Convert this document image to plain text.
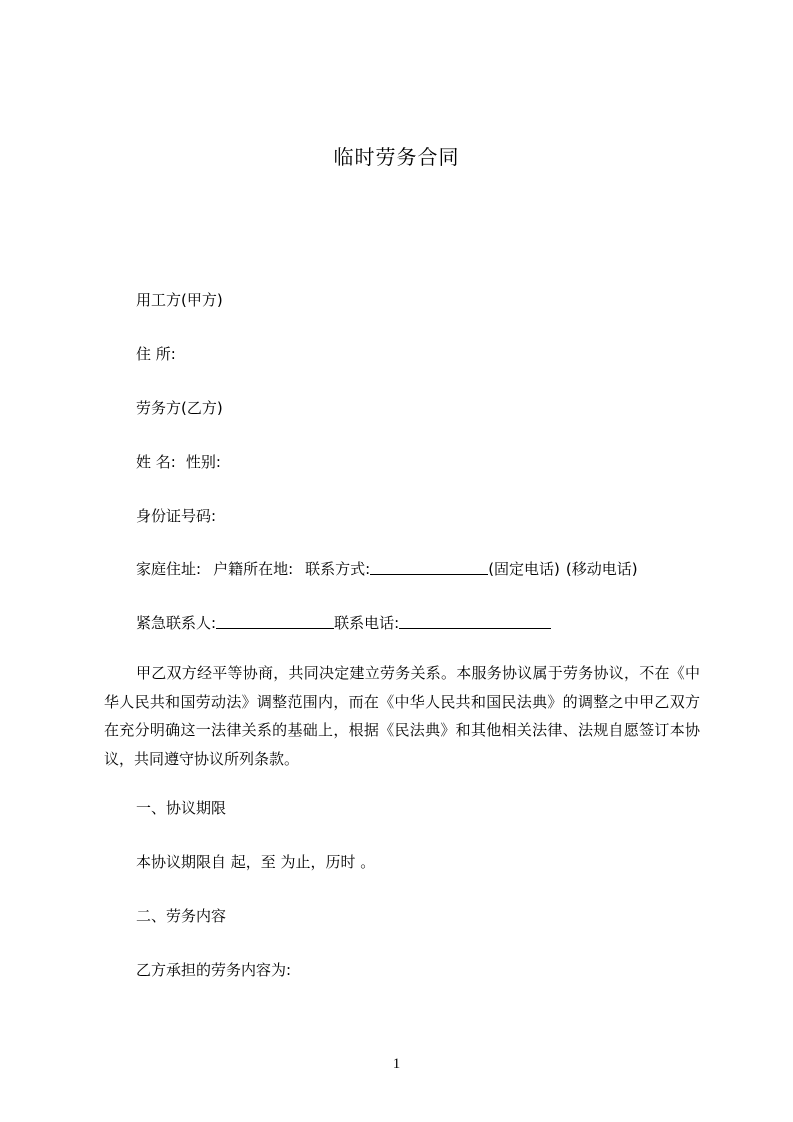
临时劳务合同
用工方(甲方)
住 所:
劳务方(乙方)
姓 名: 性别:
身份证号码:
家庭住址: 户籍所在地: 联系方式:	(固定电话) (移动电话)
紧急联系人:	联系电话:
甲乙双方经平等协商，共同决定建立劳务关系。本服务协议属于劳务协议，不在《中华人民共和国劳动法》调整范围内，而在《中华人民共和国民法典》的调整之中甲乙双方在充分明确这一法律关系的基础上，根据《民法典》和其他相关法律、法规自愿签订本协议，共同遵守协议所列条款。
一、协议期限
本协议期限自 起，至 为止，历时 。
二、劳务内容
乙方承担的劳务内容为:
1
